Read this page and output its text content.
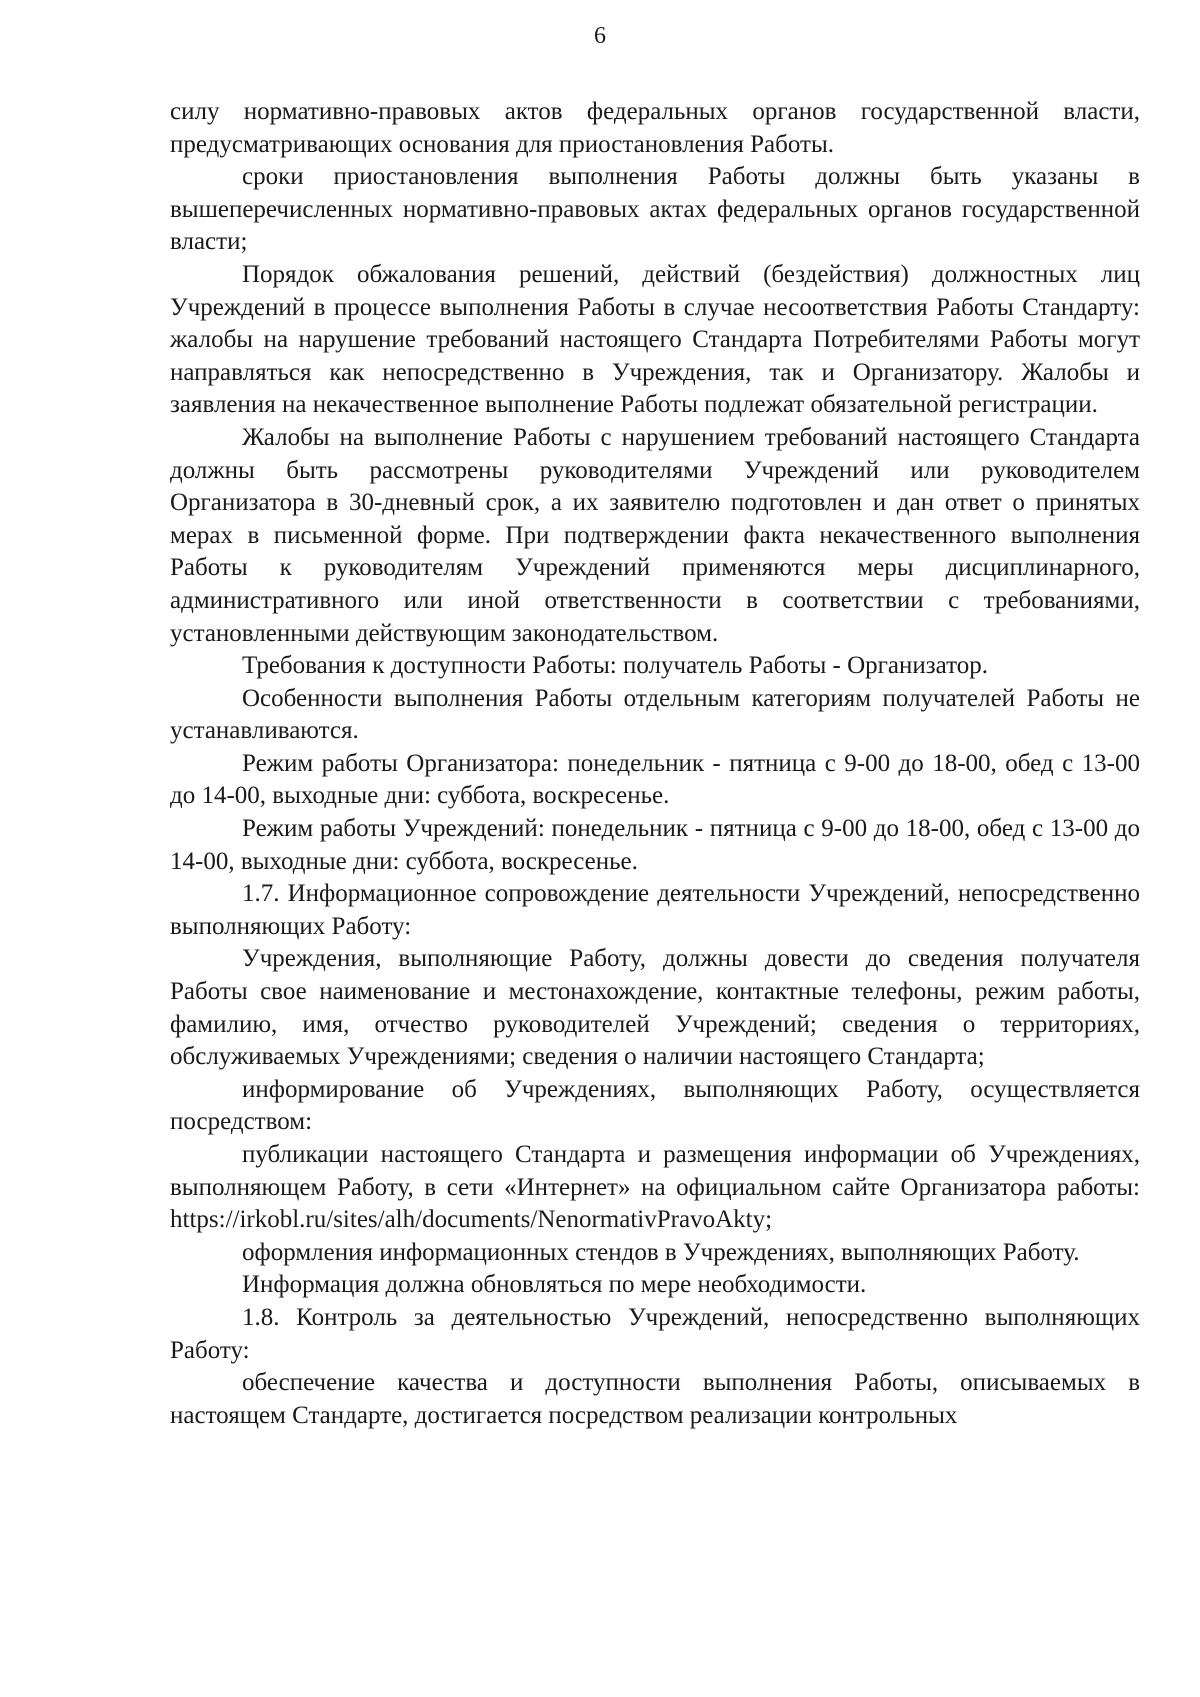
6

силу нормативно-правовых актов федеральных органов государственной власти, предусматривающих основания для приостановления Работы.

сроки приостановления выполнения Работы должны быть указаны в вышеперечисленных нормативно-правовых актах федеральных органов государственной власти;

Порядок обжалования решений, действий (бездействия) должностных лиц Учреждений в процессе выполнения Работы в случае несоответствия Работы Стандарту: жалобы на нарушение требований настоящего Стандарта Потребителями Работы могут направляться как непосредственно в Учреждения, так и Организатору. Жалобы и заявления на некачественное выполнение Работы подлежат обязательной регистрации.

Жалобы на выполнение Работы с нарушением требований настоящего Стандарта должны быть рассмотрены руководителями Учреждений или руководителем Организатора в 30-дневный срок, а их заявителю подготовлен и дан ответ о принятых мерах в письменной форме. При подтверждении факта некачественного выполнения Работы к руководителям Учреждений применяются меры дисциплинарного, административного или иной ответственности в соответствии с требованиями, установленными действующим законодательством.

Требования к доступности Работы: получатель Работы - Организатор.

Особенности выполнения Работы отдельным категориям получателей Работы не устанавливаются.

Режим работы Организатора: понедельник - пятница с 9-00 до 18-00, обед с 13-00 до 14-00, выходные дни: суббота, воскресенье.

Режим работы Учреждений: понедельник - пятница с 9-00 до 18-00, обед с 13-00 до 14-00, выходные дни: суббота, воскресенье.

1.7. Информационное сопровождение деятельности Учреждений, непосредственно выполняющих Работу:

Учреждения, выполняющие Работу, должны довести до сведения получателя Работы свое наименование и местонахождение, контактные телефоны, режим работы, фамилию, имя, отчество руководителей Учреждений; сведения о территориях, обслуживаемых Учреждениями; сведения о наличии настоящего Стандарта;

информирование об Учреждениях, выполняющих Работу, осуществляется посредством:

публикации настоящего Стандарта и размещения информации об Учреждениях, выполняющем Работу, в сети «Интернет» на официальном сайте Организатора работы: https://irkobl.ru/sites/alh/documents/NenormativPravoAkty;

оформления информационных стендов в Учреждениях, выполняющих Работу.

Информация должна обновляться по мере необходимости.

1.8. Контроль за деятельностью Учреждений, непосредственно выполняющих Работу:

обеспечение качества и доступности выполнения Работы, описываемых в настоящем Стандарте, достигается посредством реализации контрольных
